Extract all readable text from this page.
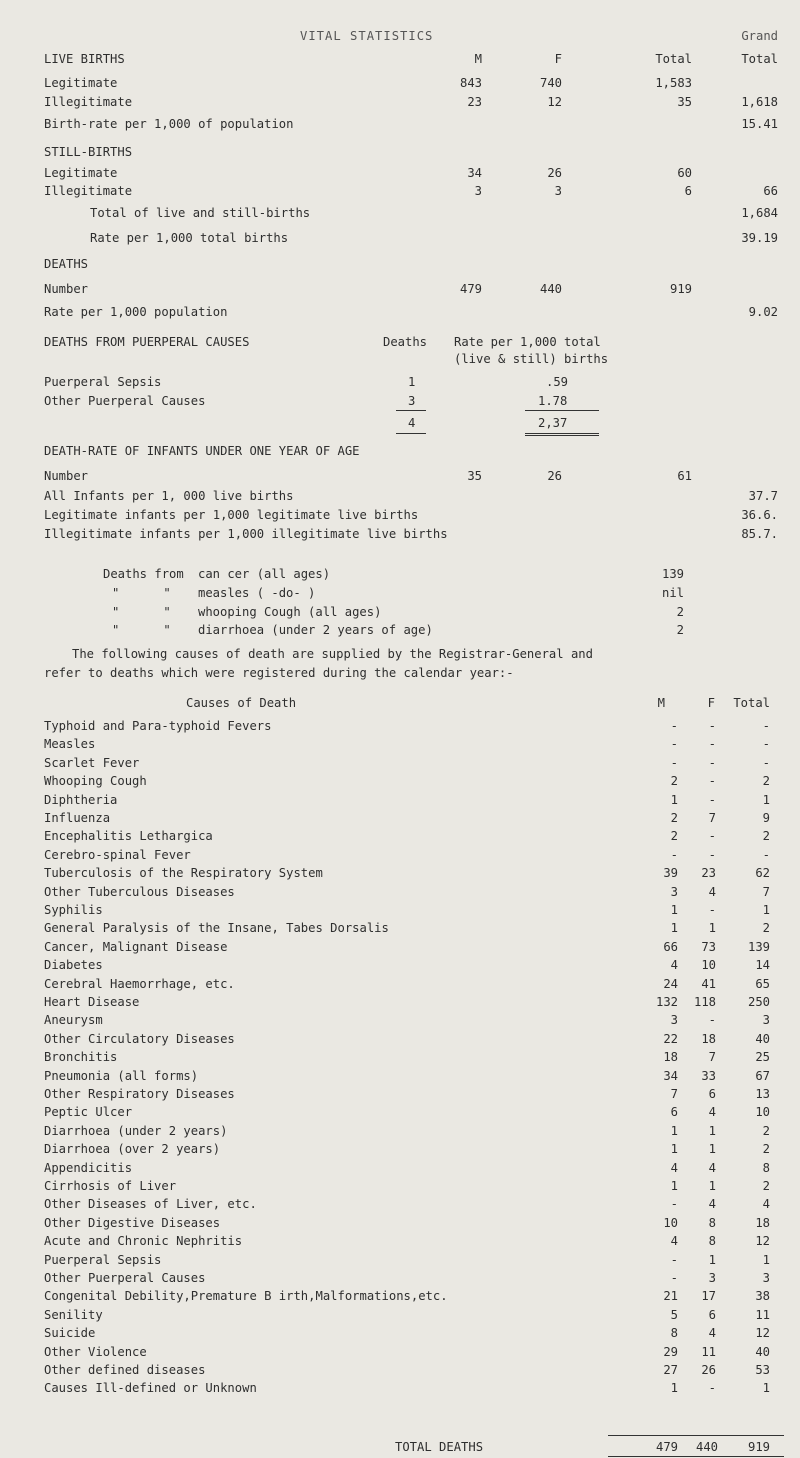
VITAL STATISTICS	Grand
LIVE BIRTHS	M	F	Total	Total
Legitimate	843	740	1,583
Illegitimate	23	12	35	1,618
Birth-rate per 1,000 of population	15.41
STILL-BIRTHS
Legitimate	34	26	60
Illegitimate	3	3	6	66
Total of live and still-births	1,684
Rate per 1,000 total births	39.19
DEATHS
Number	479	440	919
Rate per 1,000 population	9.02
DEATHS FROM PUERPERAL CAUSES	Deaths Rate per 1,000 total
(live & still) births
Puerperal Sepsis	1	.59
Other Puerperal Causes	3	1.78
4	2,37
DEATH-RATE OF INFANTS UNDER ONE YEAR OF AGE
Number	35	26	61
All Infants per 1, 000 live births	37.7
Legitimate infants per 1,000 legitimate live births	36.6.
Illegitimate infants per 1,000 illegitimate live births	85.7.
Deaths from can cer (all ages)	139
"      " measles ( -do- )	nil
"      " whooping Cough (all ages)	2
"      " diarrhoea (under 2 years of age)	2
The following causes of death are supplied by the Registrar-General and
refer to deaths which were registered during the calendar year:-
Causes of Death	M	F Total
Typhoid and Para-typhoid Fevers	-	-	-
Measles	-	-	-
Scarlet Fever	-	-	-
Whooping Cough	2	-	2
Diphtheria	1	-	1
Influenza	2	7	9
Encephalitis Lethargica	2	-	2
Cerebro-spinal Fever	-	-	-
Tuberculosis of the Respiratory System	39 23	62
Other Tuberculous Diseases	3	4	7
Syphilis	1	-	1
General Paralysis of the Insane, Tabes Dorsalis	1	1	2
Cancer, Malignant Disease	66 73	139
Diabetes	4 10	14
Cerebral Haemorrhage, etc.	24 41	65
Heart Disease	132 118	250
Aneurysm	3	-	3
Other Circulatory Diseases	22 18	40
Bronchitis	18	7	25
Pneumonia (all forms)	34 33	67
Other Respiratory Diseases	7	6	13
Peptic Ulcer	6	4	10
Diarrhoea (under 2 years)	1	1	2
Diarrhoea (over 2 years)	1	1	2
Appendicitis	4	4	8
Cirrhosis of Liver	1	1	2
Other Diseases of Liver, etc.	-	4	4
Other Digestive Diseases	10	8	18
Acute and Chronic Nephritis	4	8	12
Puerperal Sepsis	-	1	1
Other Puerperal Causes	-	3	3
Congenital Debility,Premature B irth,Malformations,etc.	21 17	38
Senility	5	6	11
Suicide	8	4	12
Other Violence	29 11	40
Other defined diseases	27 26	53
Causes Ill-defined or Unknown	1	-	1
TOTAL DEATHS	479 440 919
